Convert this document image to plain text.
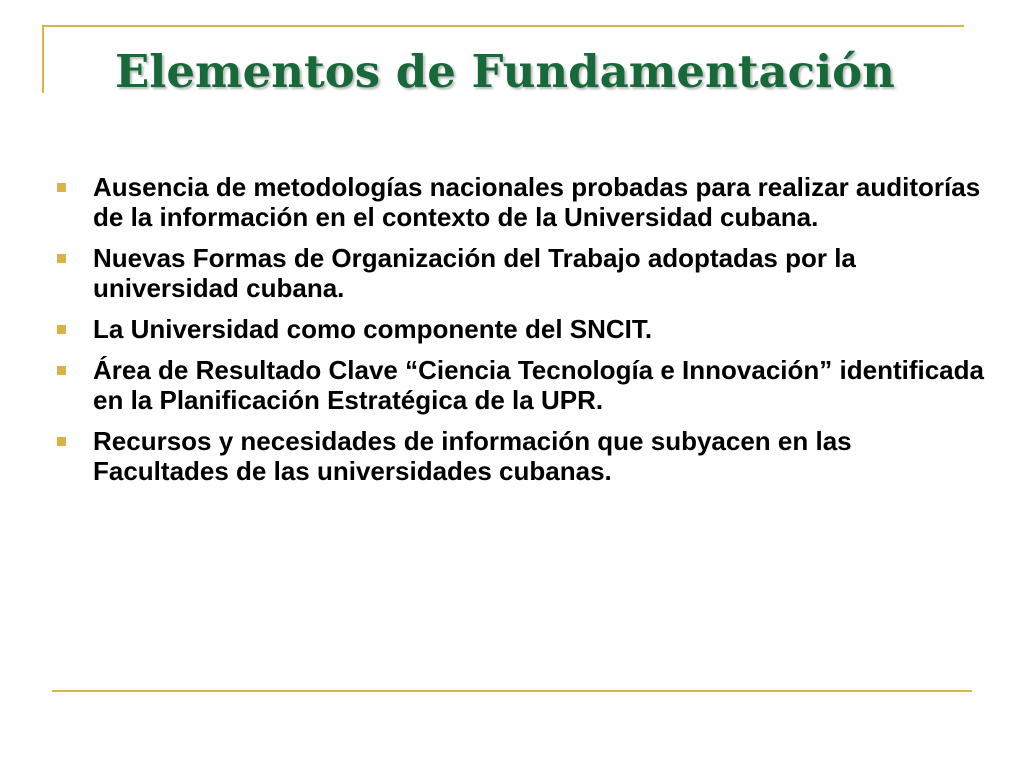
Elementos de Fundamentación
Ausencia de metodologías nacionales probadas para realizar auditorías de la información en el contexto de la Universidad cubana.
Nuevas Formas de Organización del Trabajo adoptadas por la universidad cubana.
La Universidad como componente del SNCIT.
Área de Resultado Clave “Ciencia Tecnología e Innovación” identificada en la Planificación Estratégica de la UPR.
Recursos y necesidades de información que subyacen en las Facultades de las universidades cubanas.
